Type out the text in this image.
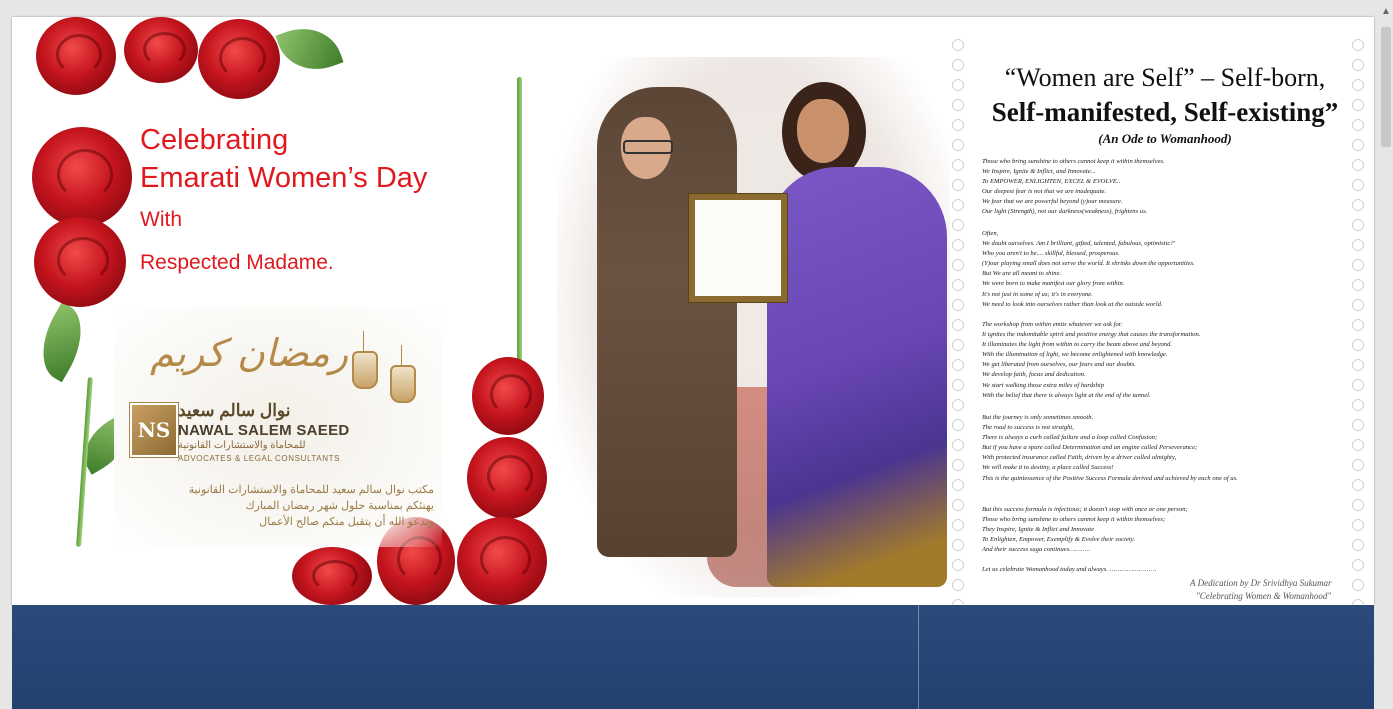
▲
Celebrating
Emarati Women’s Day
With
Respected Madame.
رمضان كريم
NS
نوال سالم سعيد
NAWAL SALEM SAEED
للمحاماة والاستشارات القانونية
ADVOCATES & LEGAL CONSULTANTS
مكتب نوال سالم سعيد للمحاماة والاستشارات القانونية
يهنئكم بمناسبة حلول شهر رمضان المبارك
وندعو الله أن يتقبل منكم صالح الأعمال
“Women are Self” – Self-born,
Self-manifested, Self-existing”
(An Ode to Womanhood)
Those who bring sunshine to others cannot keep it within themselves.
We Inspire, Ignite & Inflict, and Innovate...
To EMPOWER, ENLIGHTEN, EXCEL & EVOLVE..
Our deepest fear is not that we are inadequate.
We fear that we are powerful beyond (y)our measure.
Our light (Strength), not our darkness(weakness), frightens us.
Often,
We doubt ourselves. Am I brilliant, gifted, talented, fabulous, optimistic?'
Who you aren't to be.... skillful, blessed, prosperous.
(Y)our playing small does not serve the world. It shrinks down the opportunities.
But We are all meant to shine.
We were born to make manifest our glory from within.
It's not just in some of us; it's in everyone.
We need to look into ourselves rather than look at the outside world.
The workshop from within emits whatever we ask for.
It ignites the indomitable spirit and positive energy that causes the transformation.
It illuminates the light from within to carry the beam above and beyond.
With the illumination of light, we become enlightened with knowledge.
We get liberated from ourselves, our fears and our doubts.
We develop faith, focus and dedication.
We start walking those extra miles of hardship
With the belief that there is always light at the end of the tunnel.
But the journey is only sometimes smooth.
The road to success is not straight,
There is always a curb called failure and a loop called Confusion;
But if you have a spare called Determination and an engine called Perseverance;
With protected insurance called Faith, driven by a driver called almighty,
We will make it to destiny, a place called Success!
This is the quintessence of the Positive Success Formula derived and achieved by each one of us.
But this success formula is infectious; it doesn't stop with once or one person;
Those who bring sunshine to others cannot keep it within themselves;
They Inspire, Ignite & Inflict and Innovate
To Enlighten, Empower, Exemplify & Evolve their society.
And their success saga continues………..
Let us celebrate Womanhood today and always. ……………………
A Dedication by Dr Srividhya Sukumar
"Celebrating Women & Womanhood"
